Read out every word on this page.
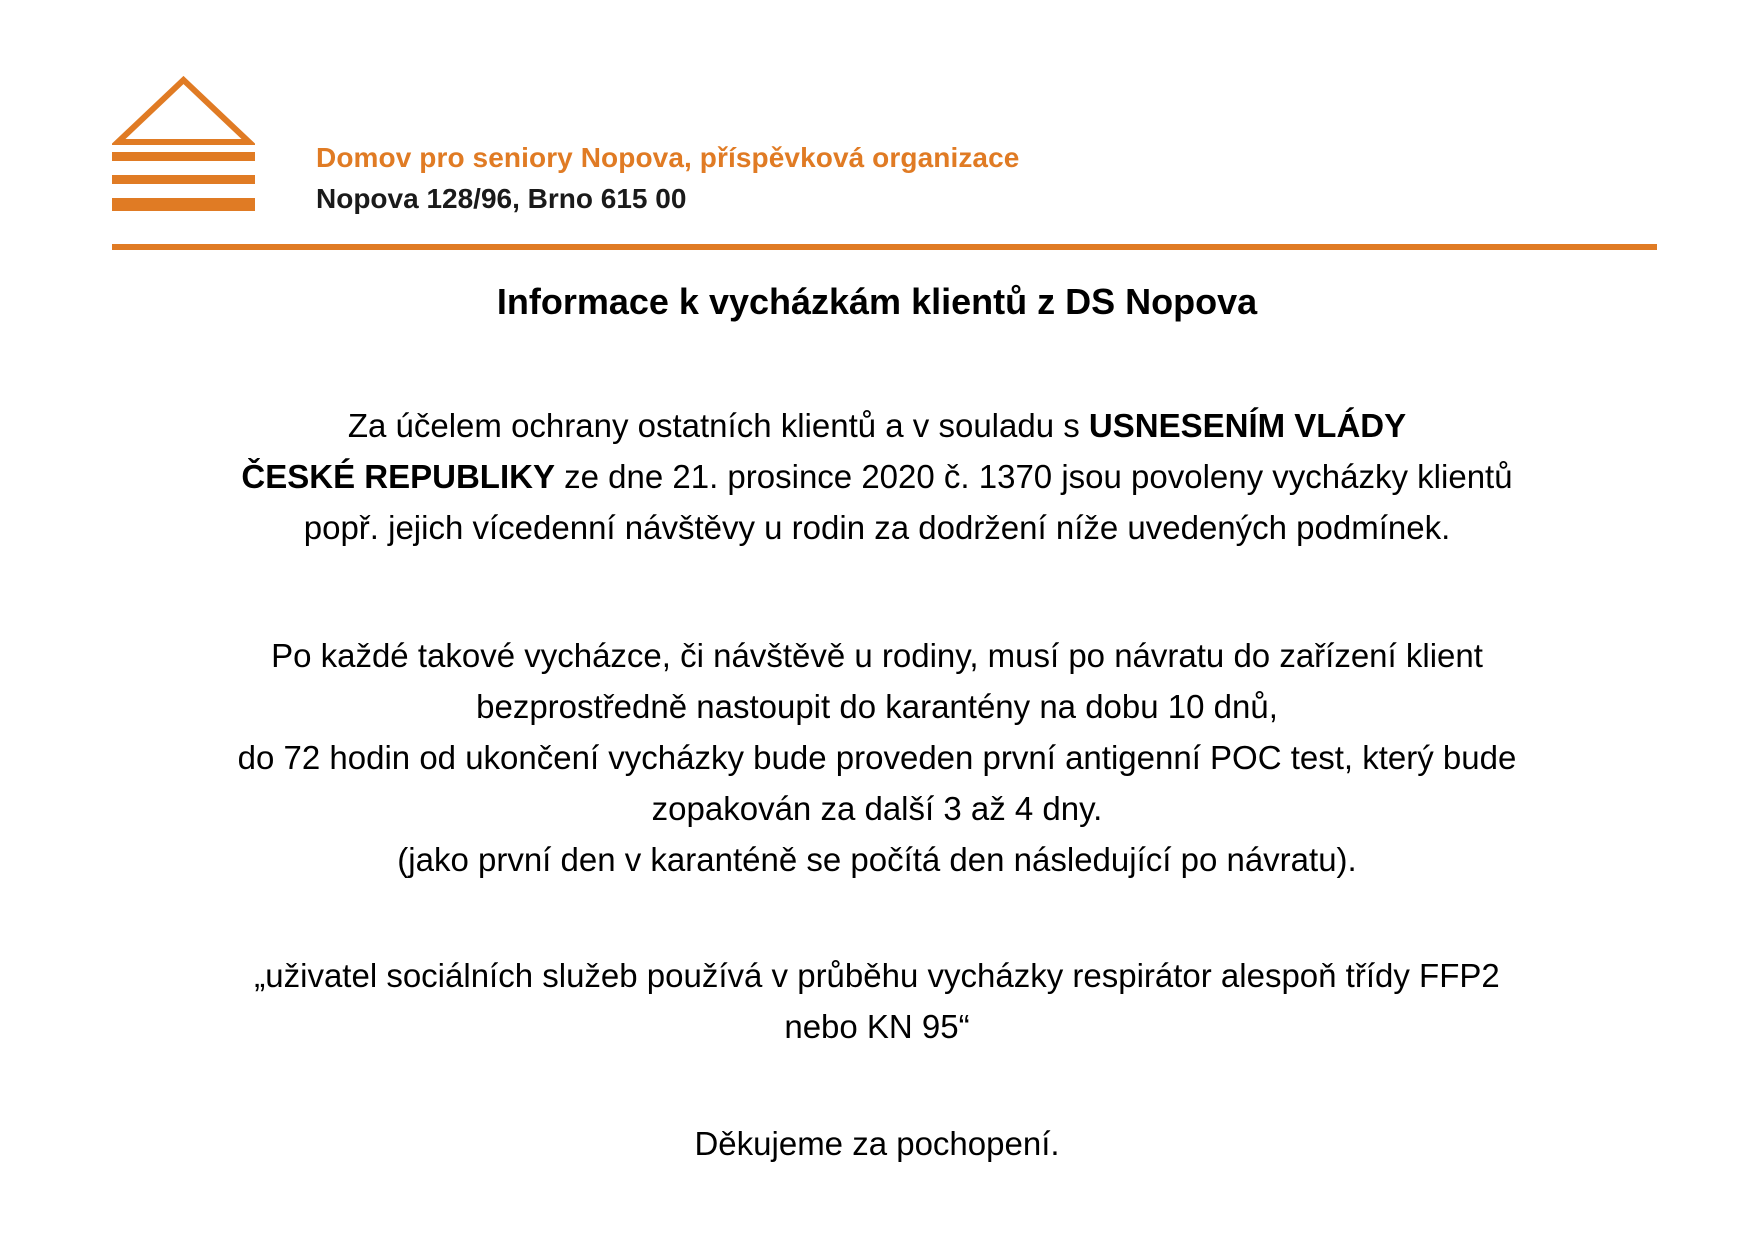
Domov pro seniory Nopova, příspěvková organizace
Nopova 128/96, Brno 615 00
Informace k vycházkám klientů z DS Nopova

Za účelem ochrany ostatních klientů a v souladu s USNESENÍM VLÁDY
ČESKÉ REPUBLIKY ze dne 21. prosince 2020 č. 1370 jsou povoleny vycházky klientů
popř. jejich vícedenní návštěvy u rodin za dodržení níže uvedených podmínek.

Po každé takové vycházce, či návštěvě u rodiny, musí po návratu do zařízení klient
bezprostředně nastoupit do karantény na dobu 10 dnů,
do 72 hodin od ukončení vycházky bude proveden první antigenní POC test, který bude
zopakován za další 3 až 4 dny.
(jako první den v karanténě se počítá den následující po návratu).

„uživatel sociálních služeb používá v průběhu vycházky respirátor alespoň třídy FFP2
nebo KN 95“

Děkujeme za pochopení.
